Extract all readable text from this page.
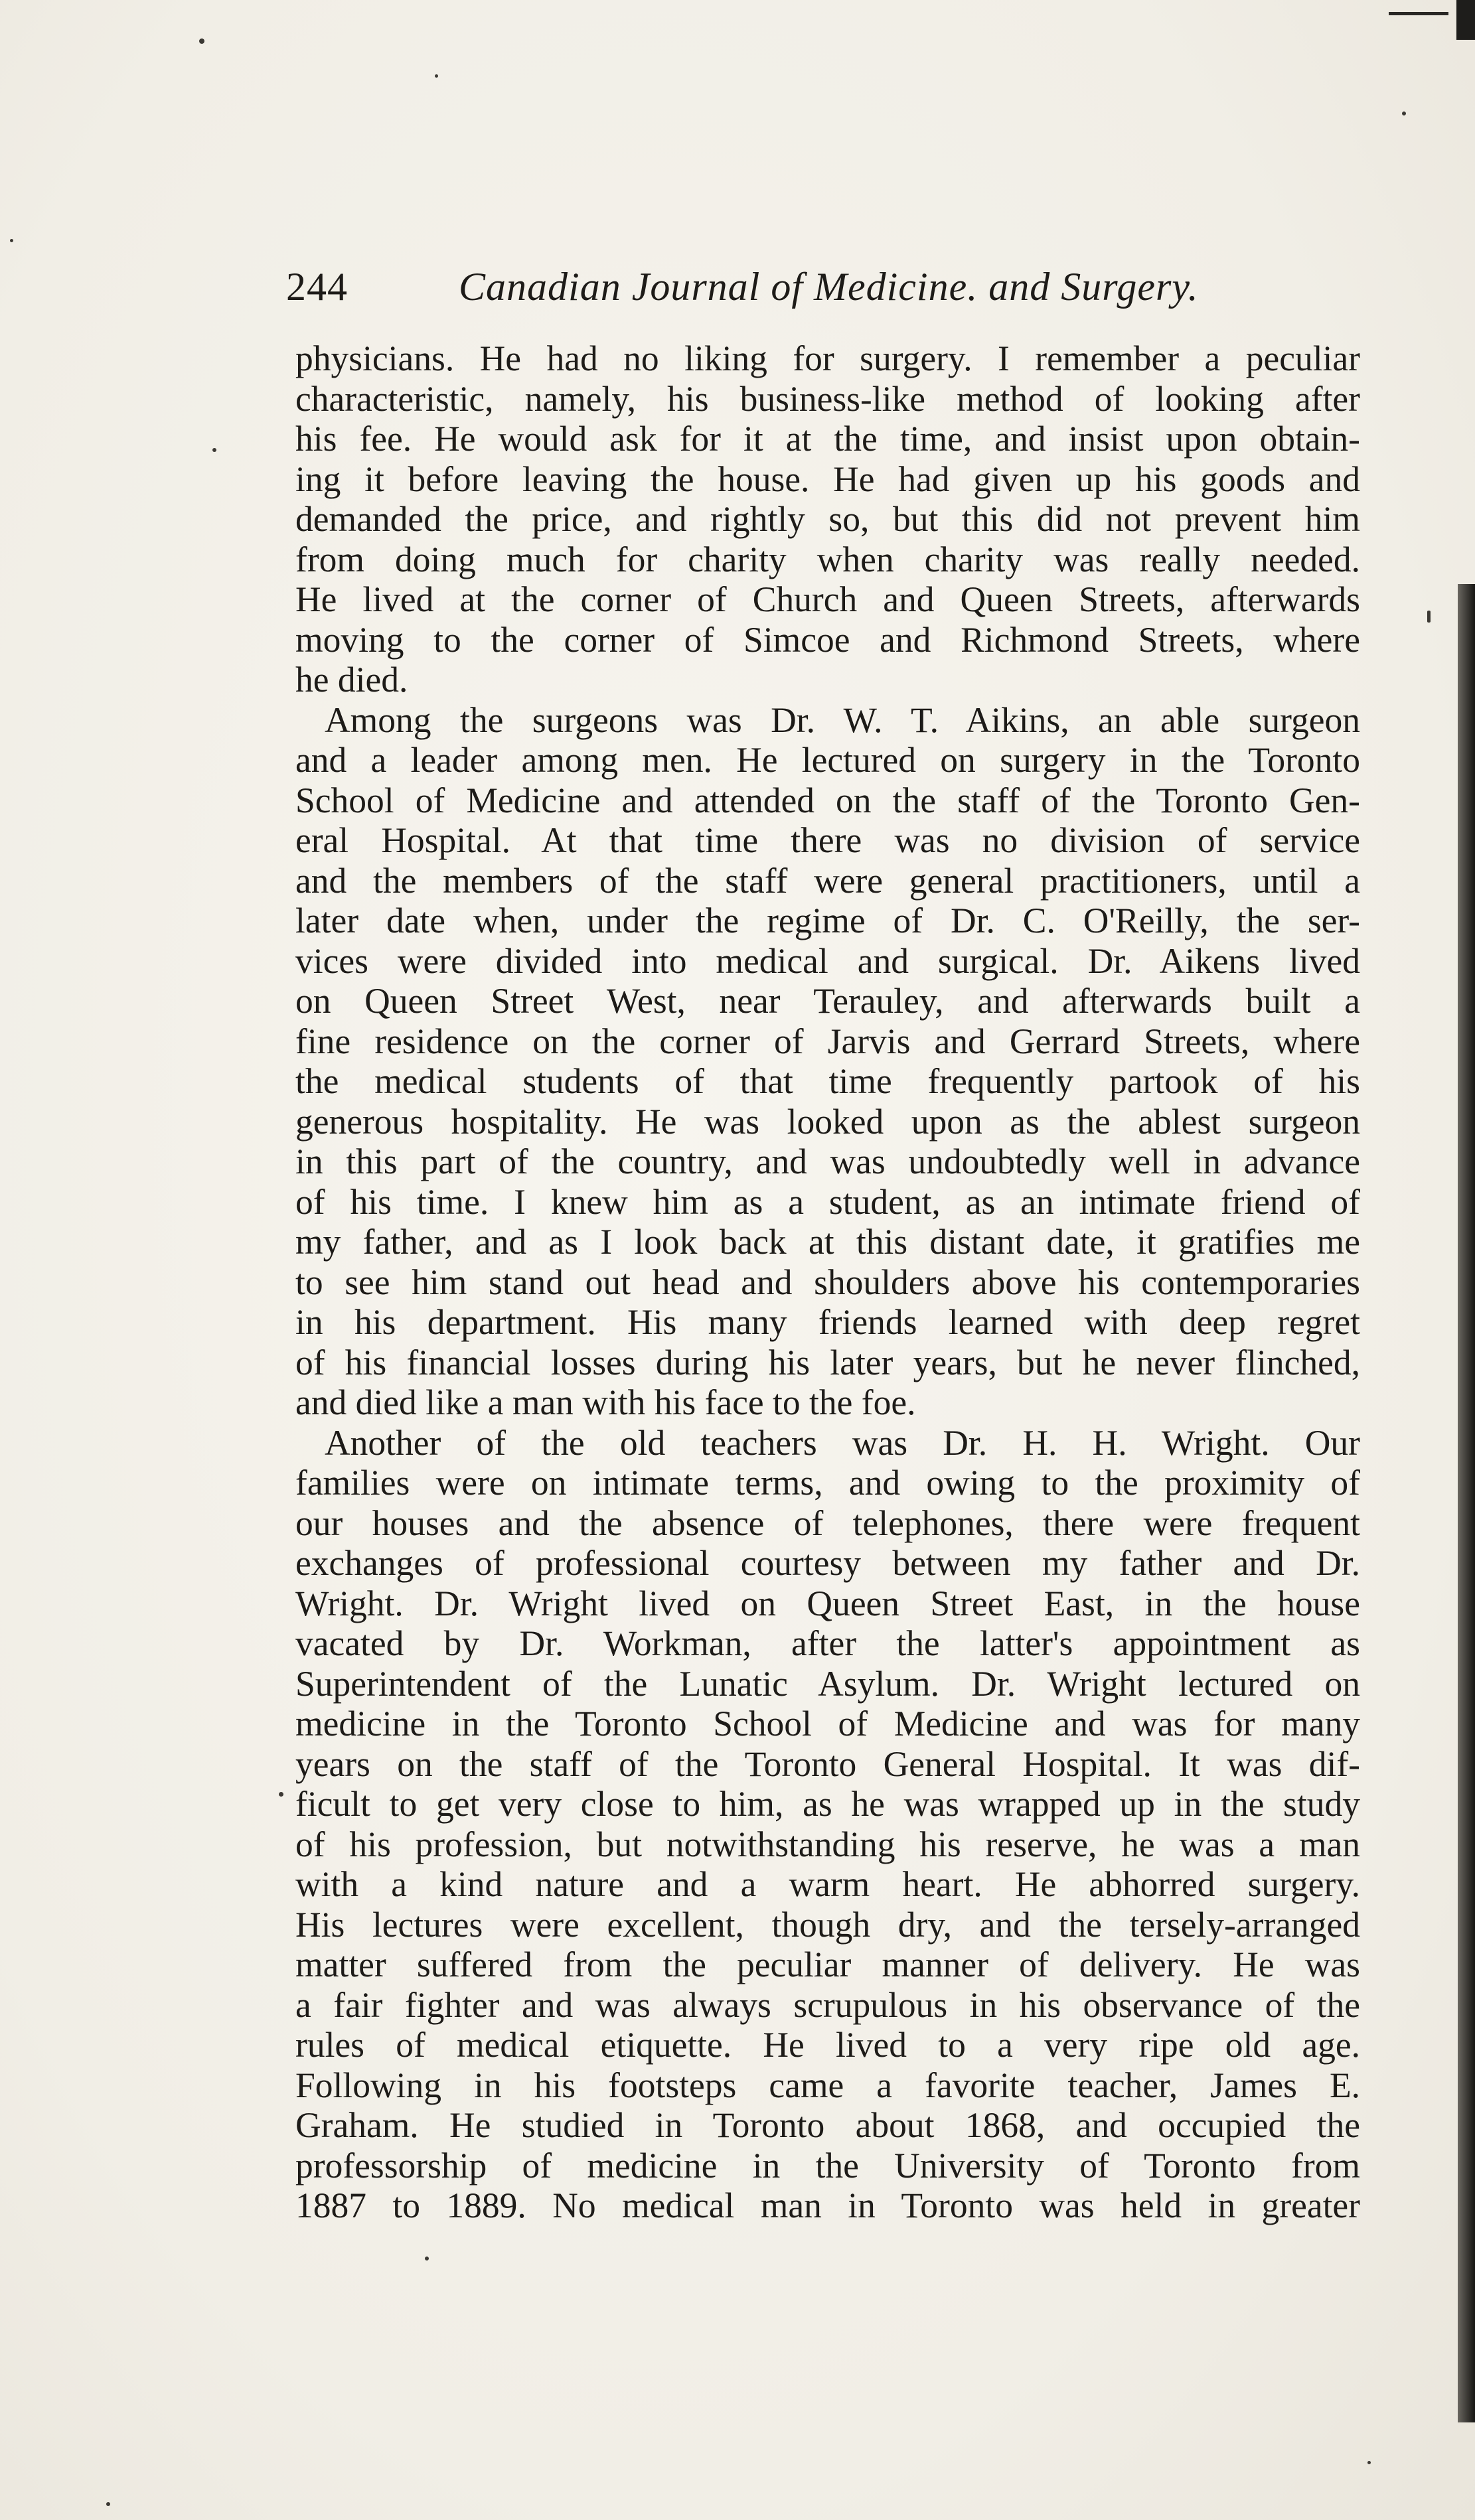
244	Canadian Journal of Medicine. and Surgery.
physicians. He had no liking for surgery. I remember a peculiar
characteristic, namely, his business-like method of looking after
his fee. He would ask for it at the time, and insist upon obtain-
ing it before leaving the house. He had given up his goods and
demanded the price, and rightly so, but this did not prevent him
from doing much for charity when charity was really needed.
He lived at the corner of Church and Queen Streets, afterwards
moving to the corner of Simcoe and Richmond Streets, where
he died.
Among the surgeons was Dr. W. T. Aikins, an able surgeon
and a leader among men. He lectured on surgery in the Toronto
School of Medicine and attended on the staff of the Toronto Gen-
eral Hospital. At that time there was no division of service
and the members of the staff were general practitioners, until a
later date when, under the regime of Dr. C. O'Reilly, the ser-
vices were divided into medical and surgical. Dr. Aikens lived
on Queen Street West, near Terauley, and afterwards built a
fine residence on the corner of Jarvis and Gerrard Streets, where
the medical students of that time frequently partook of his
generous hospitality. He was looked upon as the ablest surgeon
in this part of the country, and was undoubtedly well in advance
of his time. I knew him as a student, as an intimate friend of
my father, and as I look back at this distant date, it gratifies me
to see him stand out head and shoulders above his contemporaries
in his department. His many friends learned with deep regret
of his financial losses during his later years, but he never flinched,
and died like a man with his face to the foe.
Another of the old teachers was Dr. H. H. Wright. Our
families were on intimate terms, and owing to the proximity of
our houses and the absence of telephones, there were frequent
exchanges of professional courtesy between my father and Dr.
Wright. Dr. Wright lived on Queen Street East, in the house
vacated by Dr. Workman, after the latter's appointment as
Superintendent of the Lunatic Asylum. Dr. Wright lectured on
medicine in the Toronto School of Medicine and was for many
years on the staff of the Toronto General Hospital. It was dif-
ficult to get very close to him, as he was wrapped up in the study
of his profession, but notwithstanding his reserve, he was a man
with a kind nature and a warm heart. He abhorred surgery.
His lectures were excellent, though dry, and the tersely-arranged
matter suffered from the peculiar manner of delivery. He was
a fair fighter and was always scrupulous in his observance of the
rules of medical etiquette. He lived to a very ripe old age.
Following in his footsteps came a favorite teacher, James E.
Graham. He studied in Toronto about 1868, and occupied the
professorship of medicine in the University of Toronto from
1887 to 1889. No medical man in Toronto was held in greater
